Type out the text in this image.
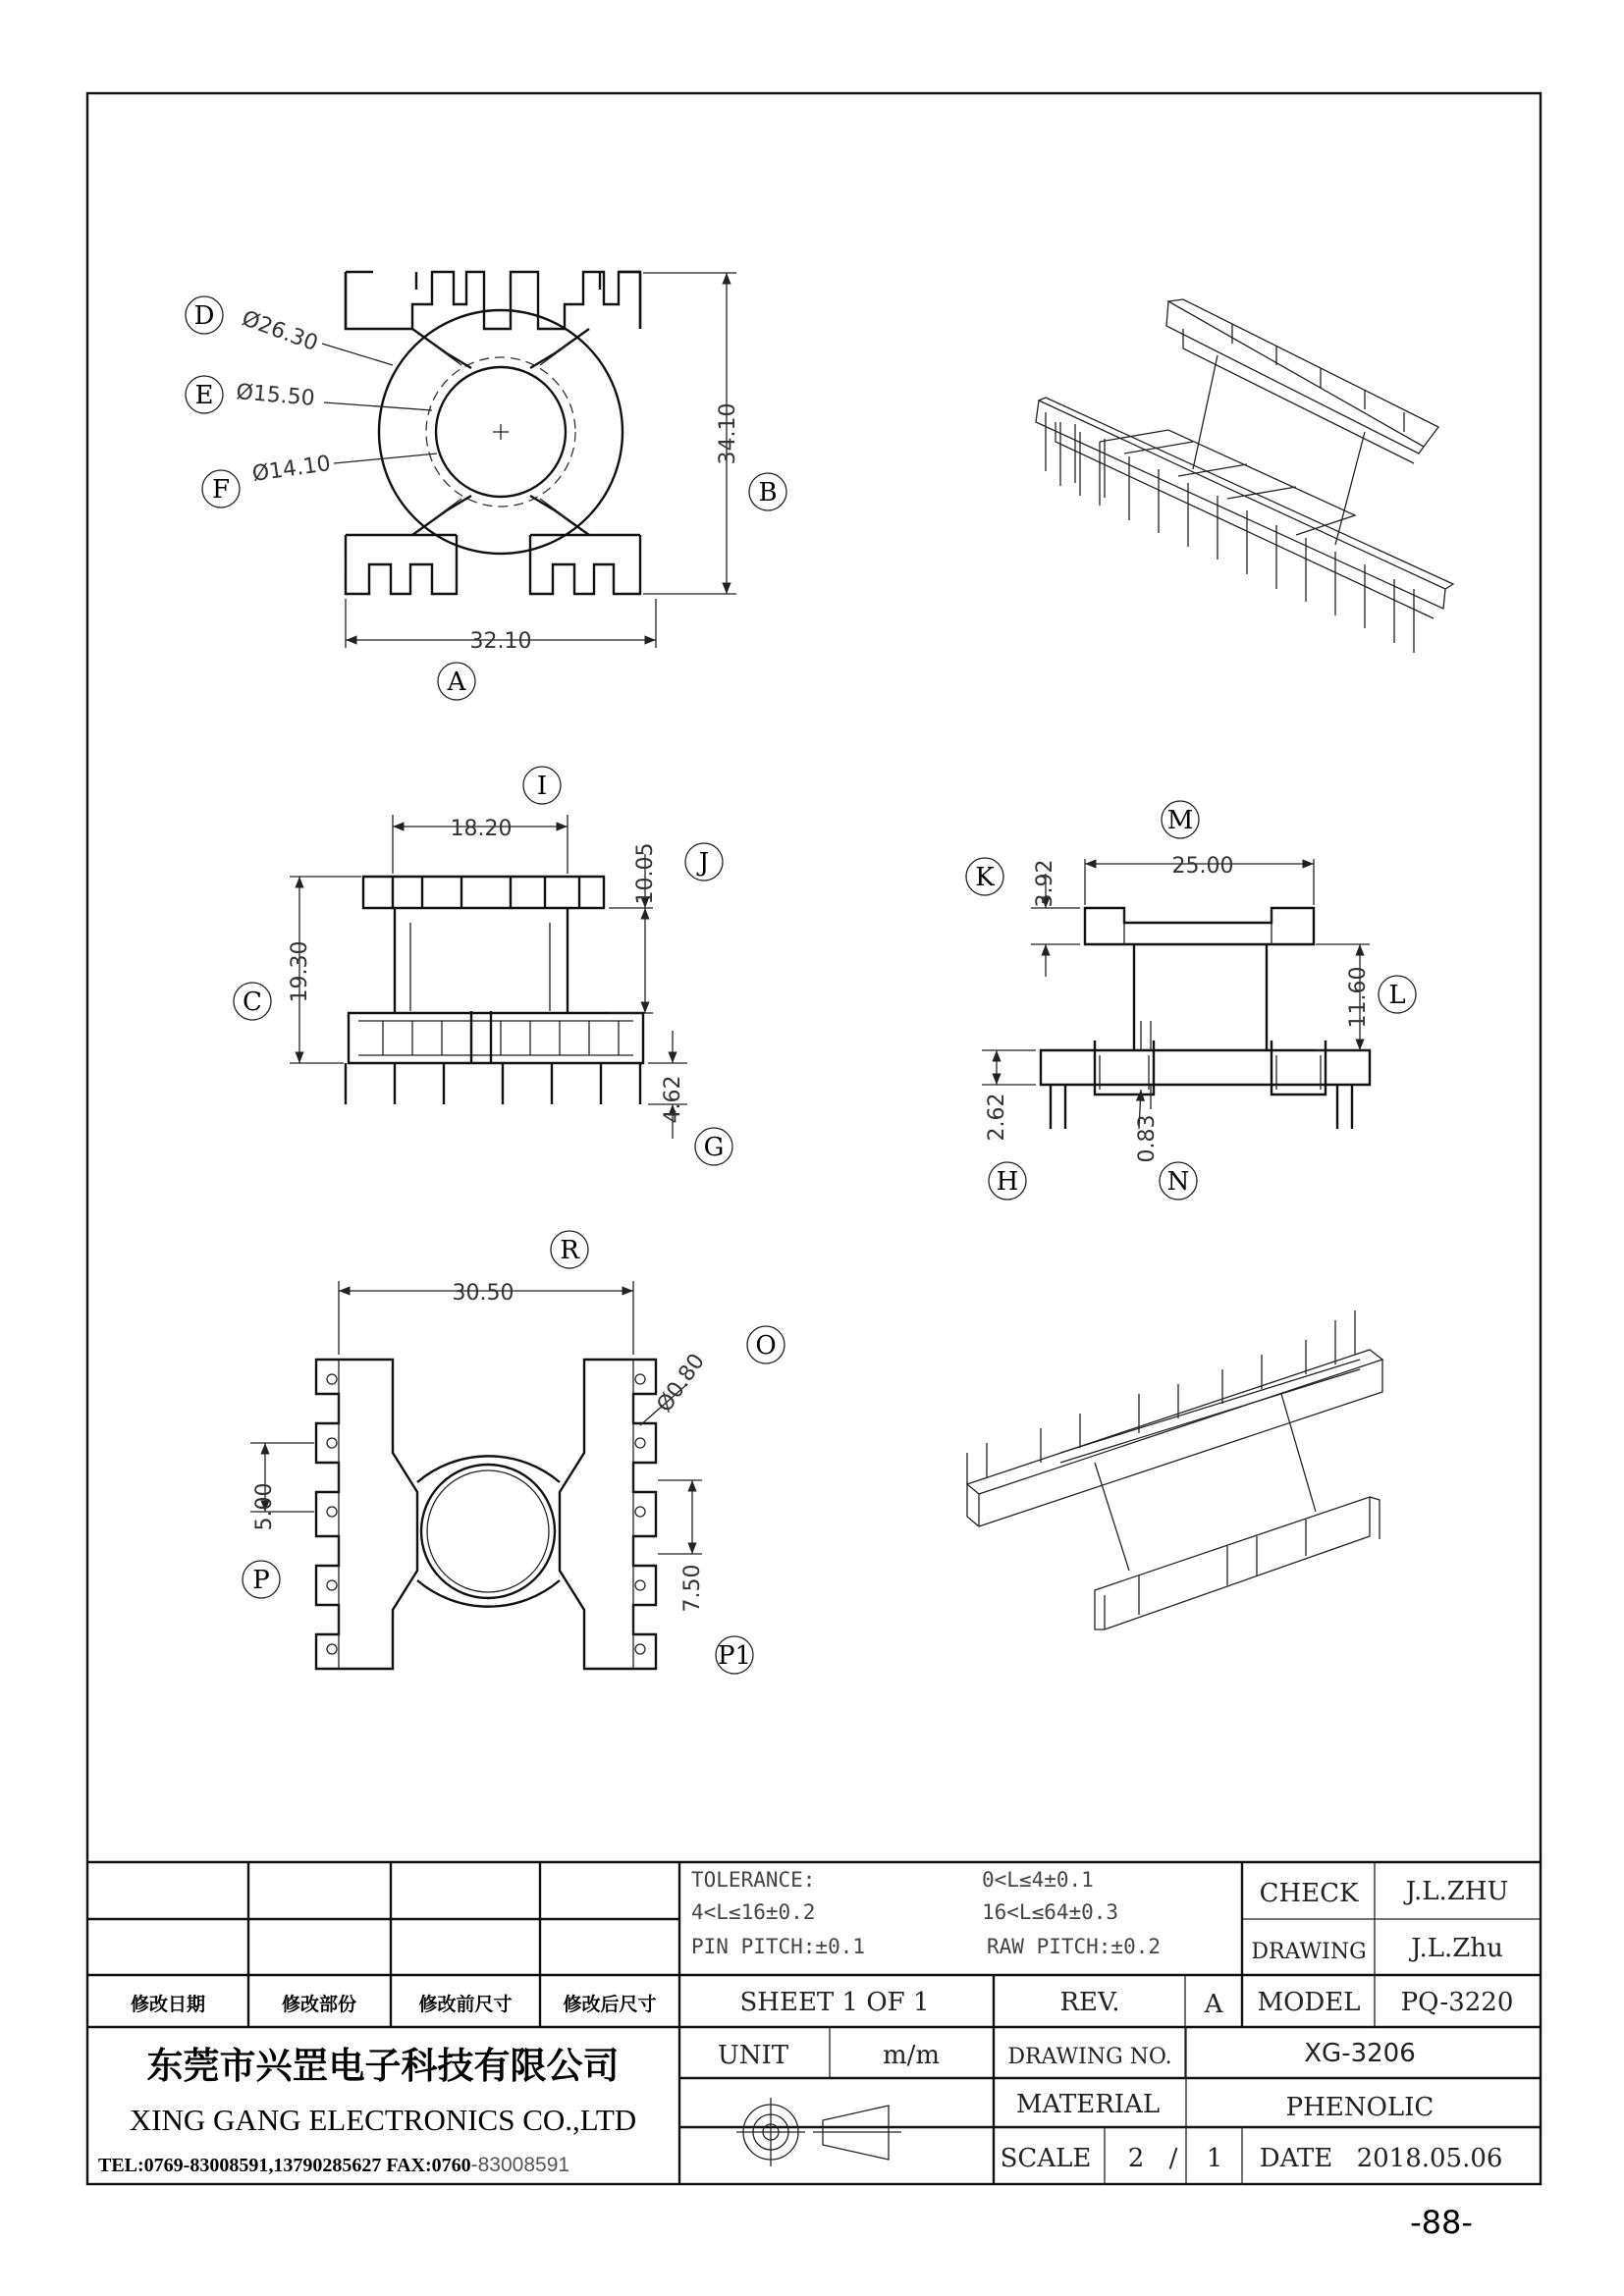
Ø26.30
Ø15.50
Ø14.10
32.10
34.10
D
E
F	B
A
18.20
10.05
19.30
4.62
I
J
C
G
25.00
3.92
11.60
2.62	0.83
M
K
L
H	N
30.50
Ø0.80
5.00
7.50
R
O
P
P1
TOLERANCE:	0<L≤4±0.1
4<L≤16±0.2	16<L≤64±0.3
PIN PITCH:±0.1	RAW PITCH:±0.2
CHECK J.L.ZHU
DRAWING J.L.Zhu
修改日期	修改部份	修改前尺寸	修改后尺寸	SHEET 1 OF 1	REV.	A MODEL PQ-3220
东莞市兴罡电子科技有限公司
XING GANG ELECTRONICS CO.,LTD
TEL:0769-83008591,13790285627 FAX:0760-83008591
UNIT	m/m	DRAWING NO.	XG-3206
MATERIAL	PHENOLIC
SCALE 2 / 1 DATE 2018.05.06
-88-
